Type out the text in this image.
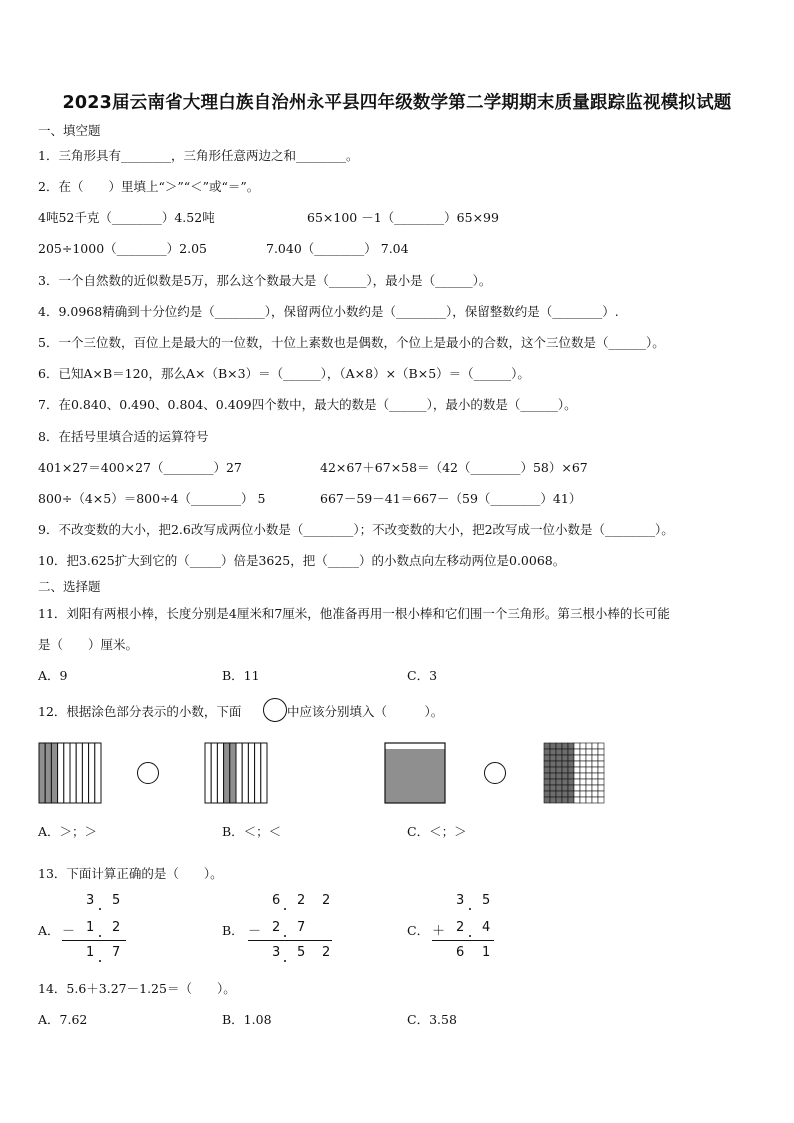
2023届云南省大理白族自治州永平县四年级数学第二学期期末质量跟踪监视模拟试题
一、填空题
1．三角形具有________，三角形任意两边之和________。
2．在（　　）里填上“＞”“＜”或“＝”。
4吨52千克（________）4.52吨	65×100 －1（________）65×99
205÷1000（________）2.05	7.040（________） 7.04
3．一个自然数的近似数是5万，那么这个数最大是（______），最小是（______）。
4．9.0968精确到十分位约是（________），保留两位小数约是（________），保留整数约是（________）.
5．一个三位数，百位上是最大的一位数，十位上素数也是偶数，个位上是最小的合数，这个三位数是（______）。
6．已知A×B＝120，那么A×（B×3）＝（______），（A×8）×（B×5）＝（______）。
7．在0.840、0.490、0.804、0.409四个数中，最大的数是（______），最小的数是（______）。
8．在括号里填合适的运算符号
401×27＝400×27（________）27	42×67＋67×58＝（42（________）58）×67
800÷（4×5）＝800÷4（________） 5	667－59－41＝667－（59（________）41）
9．不改变数的大小，把2.6改写成两位小数是（________）；不改变数的大小，把2改写成一位小数是（________）。
10．把3.625扩大到它的（_____）倍是3625，把（_____）的小数点向左移动两位是0.0068。
二、选择题
11．刘阳有两根小棒，长度分别是4厘米和7厘米，他准备再用一根小棒和它们围一个三角形。第三根小棒的长可能
是（　　）厘米。
A．9	B．11	C．3
12．根据涂色部分表示的小数，下面	中应该分别填入（　　　）。
A．＞；＞	B．＜；＜	C．＜；＞
13．下面计算正确的是（　　）。
A．
3 5
－ 1 2
1 7
B．
6 2 2
－ 2 7
3 5 2
C．
3 5
＋ 2 4
6 1
14．5.6＋3.27－1.25＝（　　）。
A．7.62	B．1.08	C．3.58
